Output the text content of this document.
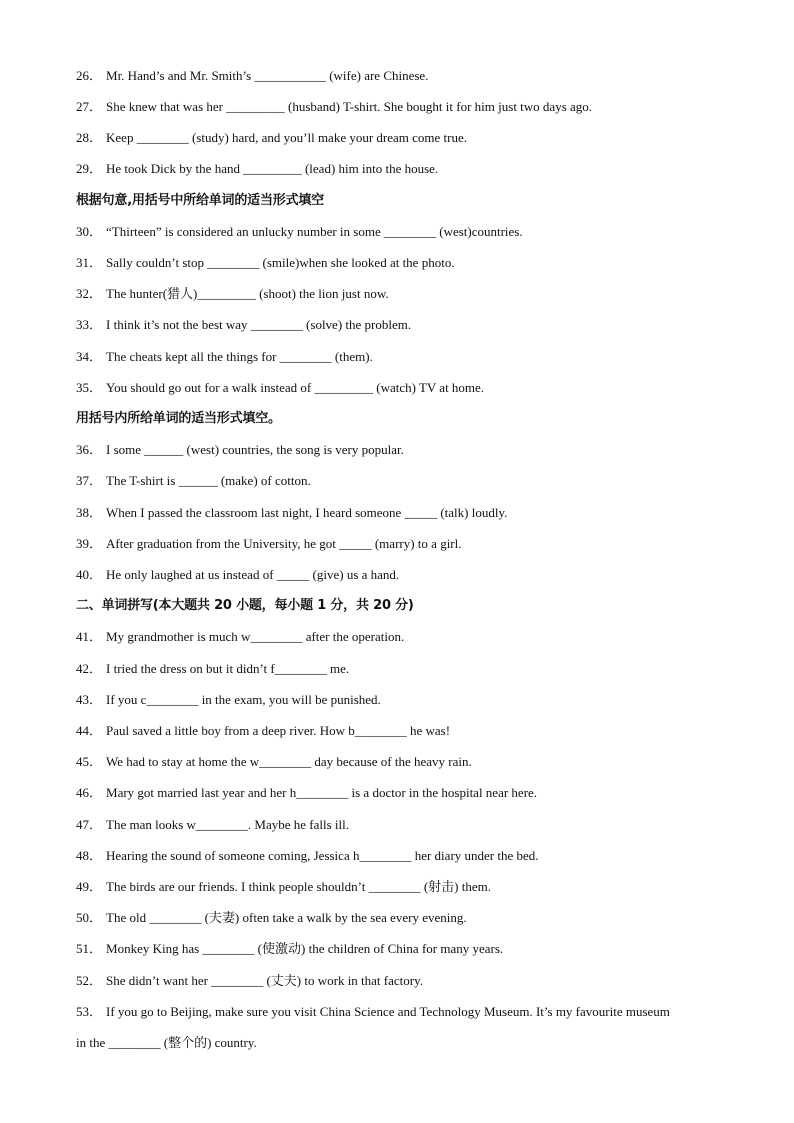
26． Mr. Hand’s and Mr. Smith’s ___________ (wife) are Chinese.
27． She knew that was her _________ (husband) T-shirt. She bought it for him just two days ago.
28． Keep ________ (study) hard, and you’ll make your dream come true.
29． He took Dick by the hand _________ (lead) him into the house.
根据句意,用括号中所给单词的适当形式填空
30． “Thirteen” is considered an unlucky number in some ________ (west)countries.
31． Sally couldn’t stop ________ (smile)when she looked at the photo.
32． The hunter(猎人)_________ (shoot) the lion just now.
33． I think it’s not the best way ________ (solve) the problem.
34． The cheats kept all the things for ________ (them).
35． You should go out for a walk instead of _________ (watch) TV at home.
用括号内所给单词的适当形式填空。
36． I some ______ (west) countries, the song is very popular.
37． The T-shirt is ______ (make) of cotton.
38． When I passed the classroom last night, I heard someone _____ (talk) loudly.
39． After graduation from the University, he got _____ (marry) to a girl.
40． He only laughed at us instead of _____ (give) us a hand.
二、单词拼写(本大题共 20 小题，每小题 1 分，共 20 分)
41． My grandmother is much w________ after the operation.
42． I tried the dress on but it didn’t f________ me.
43． If you c________ in the exam, you will be punished.
44． Paul saved a little boy from a deep river. How b________ he was!
45． We had to stay at home the w________ day because of the heavy rain.
46． Mary got married last year and her h________ is a doctor in the hospital near here.
47． The man looks w________. Maybe he falls ill.
48． Hearing the sound of someone coming, Jessica h________ her diary under the bed.
49． The birds are our friends. I think people shouldn’t ________ (射击) them.
50． The old ________ (夫妻) often take a walk by the sea every evening.
51． Monkey King has ________ (使激动) the children of China for many years.
52． She didn’t want her ________ (丈夫) to work in that factory.
53． If you go to Beijing, make sure you visit China Science and Technology Museum. It’s my favourite museum
in the ________ (整个的) country.
